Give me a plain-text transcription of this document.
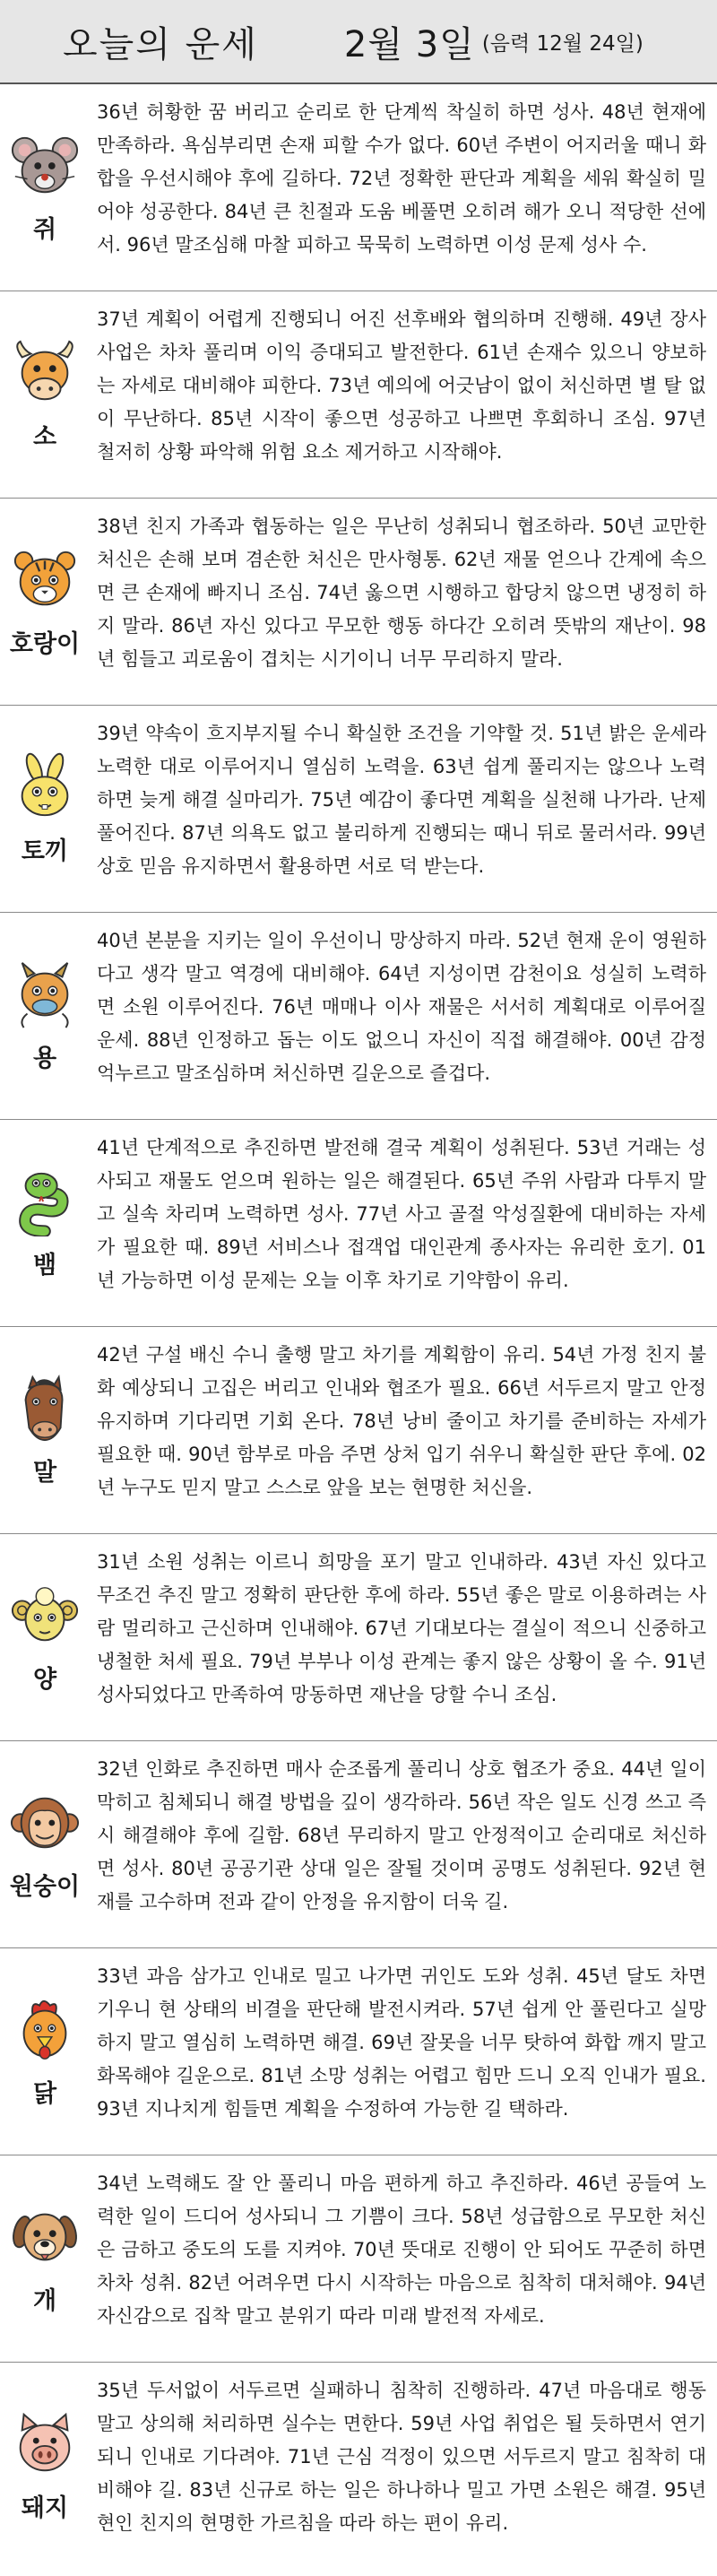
오늘의 운세 2월 3일 (음력 12월 24일)
쥐
36년 허황한 꿈 버리고 순리로 한 단계씩 착실히 하면 성사. 48년 현재에 만족하라. 욕심부리면 손재 피할 수가 없다. 60년 주변이 어지러울 때니 화합을 우선시해야 후에 길하다. 72년 정확한 판단과 계획을 세워 확실히 밀어야 성공한다. 84년 큰 친절과 도움 베풀면 오히려 해가 오니 적당한 선에서. 96년 말조심해 마찰 피하고 묵묵히 노력하면 이성 문제 성사 수.
소
37년 계획이 어렵게 진행되니 어진 선후배와 협의하며 진행해. 49년 장사 사업은 차차 풀리며 이익 증대되고 발전한다. 61년 손재수 있으니 양보하는 자세로 대비해야 피한다. 73년 예의에 어긋남이 없이 처신하면 별 탈 없이 무난하다. 85년 시작이 좋으면 성공하고 나쁘면 후회하니 조심. 97년 철저히 상황 파악해 위험 요소 제거하고 시작해야.
호랑이
38년 친지 가족과 협동하는 일은 무난히 성취되니 협조하라. 50년 교만한 처신은 손해 보며 겸손한 처신은 만사형통. 62년 재물 얻으나 간계에 속으면 큰 손재에 빠지니 조심. 74년 옳으면 시행하고 합당치 않으면 냉정히 하지 말라. 86년 자신 있다고 무모한 행동 하다간 오히려 뜻밖의 재난이. 98년 힘들고 괴로움이 겹치는 시기이니 너무 무리하지 말라.
토끼
39년 약속이 흐지부지될 수니 확실한 조건을 기약할 것. 51년 밝은 운세라 노력한 대로 이루어지니 열심히 노력을. 63년 쉽게 풀리지는 않으나 노력하면 늦게 해결 실마리가. 75년 예감이 좋다면 계획을 실천해 나가라. 난제 풀어진다. 87년 의욕도 없고 불리하게 진행되는 때니 뒤로 물러서라. 99년 상호 믿음 유지하면서 활용하면 서로 덕 받는다.
용
40년 본분을 지키는 일이 우선이니 망상하지 마라. 52년 현재 운이 영원하다고 생각 말고 역경에 대비해야. 64년 지성이면 감천이요 성실히 노력하면 소원 이루어진다. 76년 매매나 이사 재물은 서서히 계획대로 이루어질 운세. 88년 인정하고 돕는 이도 없으니 자신이 직접 해결해야. 00년 감정 억누르고 말조심하며 처신하면 길운으로 즐겁다.
뱀
41년 단계적으로 추진하면 발전해 결국 계획이 성취된다. 53년 거래는 성사되고 재물도 얻으며 원하는 일은 해결된다. 65년 주위 사람과 다투지 말고 실속 차리며 노력하면 성사. 77년 사고 골절 악성질환에 대비하는 자세가 필요한 때. 89년 서비스나 접객업 대인관계 종사자는 유리한 호기. 01년 가능하면 이성 문제는 오늘 이후 차기로 기약함이 유리.
말
42년 구설 배신 수니 출행 말고 차기를 계획함이 유리. 54년 가정 친지 불화 예상되니 고집은 버리고 인내와 협조가 필요. 66년 서두르지 말고 안정 유지하며 기다리면 기회 온다. 78년 낭비 줄이고 차기를 준비하는 자세가 필요한 때. 90년 함부로 마음 주면 상처 입기 쉬우니 확실한 판단 후에. 02년 누구도 믿지 말고 스스로 앞을 보는 현명한 처신을.
양
31년 소원 성취는 이르니 희망을 포기 말고 인내하라. 43년 자신 있다고 무조건 추진 말고 정확히 판단한 후에 하라. 55년 좋은 말로 이용하려는 사람 멀리하고 근신하며 인내해야. 67년 기대보다는 결실이 적으니 신중하고 냉철한 처세 필요. 79년 부부나 이성 관계는 좋지 않은 상황이 올 수. 91년 성사되었다고 만족하여 망동하면 재난을 당할 수니 조심.
원숭이
32년 인화로 추진하면 매사 순조롭게 풀리니 상호 협조가 중요. 44년 일이 막히고 침체되니 해결 방법을 깊이 생각하라. 56년 작은 일도 신경 쓰고 즉시 해결해야 후에 길함. 68년 무리하지 말고 안정적이고 순리대로 처신하면 성사. 80년 공공기관 상대 일은 잘될 것이며 공명도 성취된다. 92년 현재를 고수하며 전과 같이 안정을 유지함이 더욱 길.
닭
33년 과음 삼가고 인내로 밀고 나가면 귀인도 도와 성취. 45년 달도 차면 기우니 현 상태의 비결을 판단해 발전시켜라. 57년 쉽게 안 풀린다고 실망하지 말고 열심히 노력하면 해결. 69년 잘못을 너무 탓하여 화합 깨지 말고 화목해야 길운으로. 81년 소망 성취는 어렵고 힘만 드니 오직 인내가 필요. 93년 지나치게 힘들면 계획을 수정하여 가능한 길 택하라.
개
34년 노력해도 잘 안 풀리니 마음 편하게 하고 추진하라. 46년 공들여 노력한 일이 드디어 성사되니 그 기쁨이 크다. 58년 성급함으로 무모한 처신은 금하고 중도의 도를 지켜야. 70년 뜻대로 진행이 안 되어도 꾸준히 하면 차차 성취. 82년 어려우면 다시 시작하는 마음으로 침착히 대처해야. 94년 자신감으로 집착 말고 분위기 따라 미래 발전적 자세로.
돼지
35년 두서없이 서두르면 실패하니 침착히 진행하라. 47년 마음대로 행동 말고 상의해 처리하면 실수는 면한다. 59년 사업 취업은 될 듯하면서 연기되니 인내로 기다려야. 71년 근심 걱정이 있으면 서두르지 말고 침착히 대비해야 길. 83년 신규로 하는 일은 하나하나 밀고 가면 소원은 해결. 95년 현인 친지의 현명한 가르침을 따라 하는 편이 유리.
